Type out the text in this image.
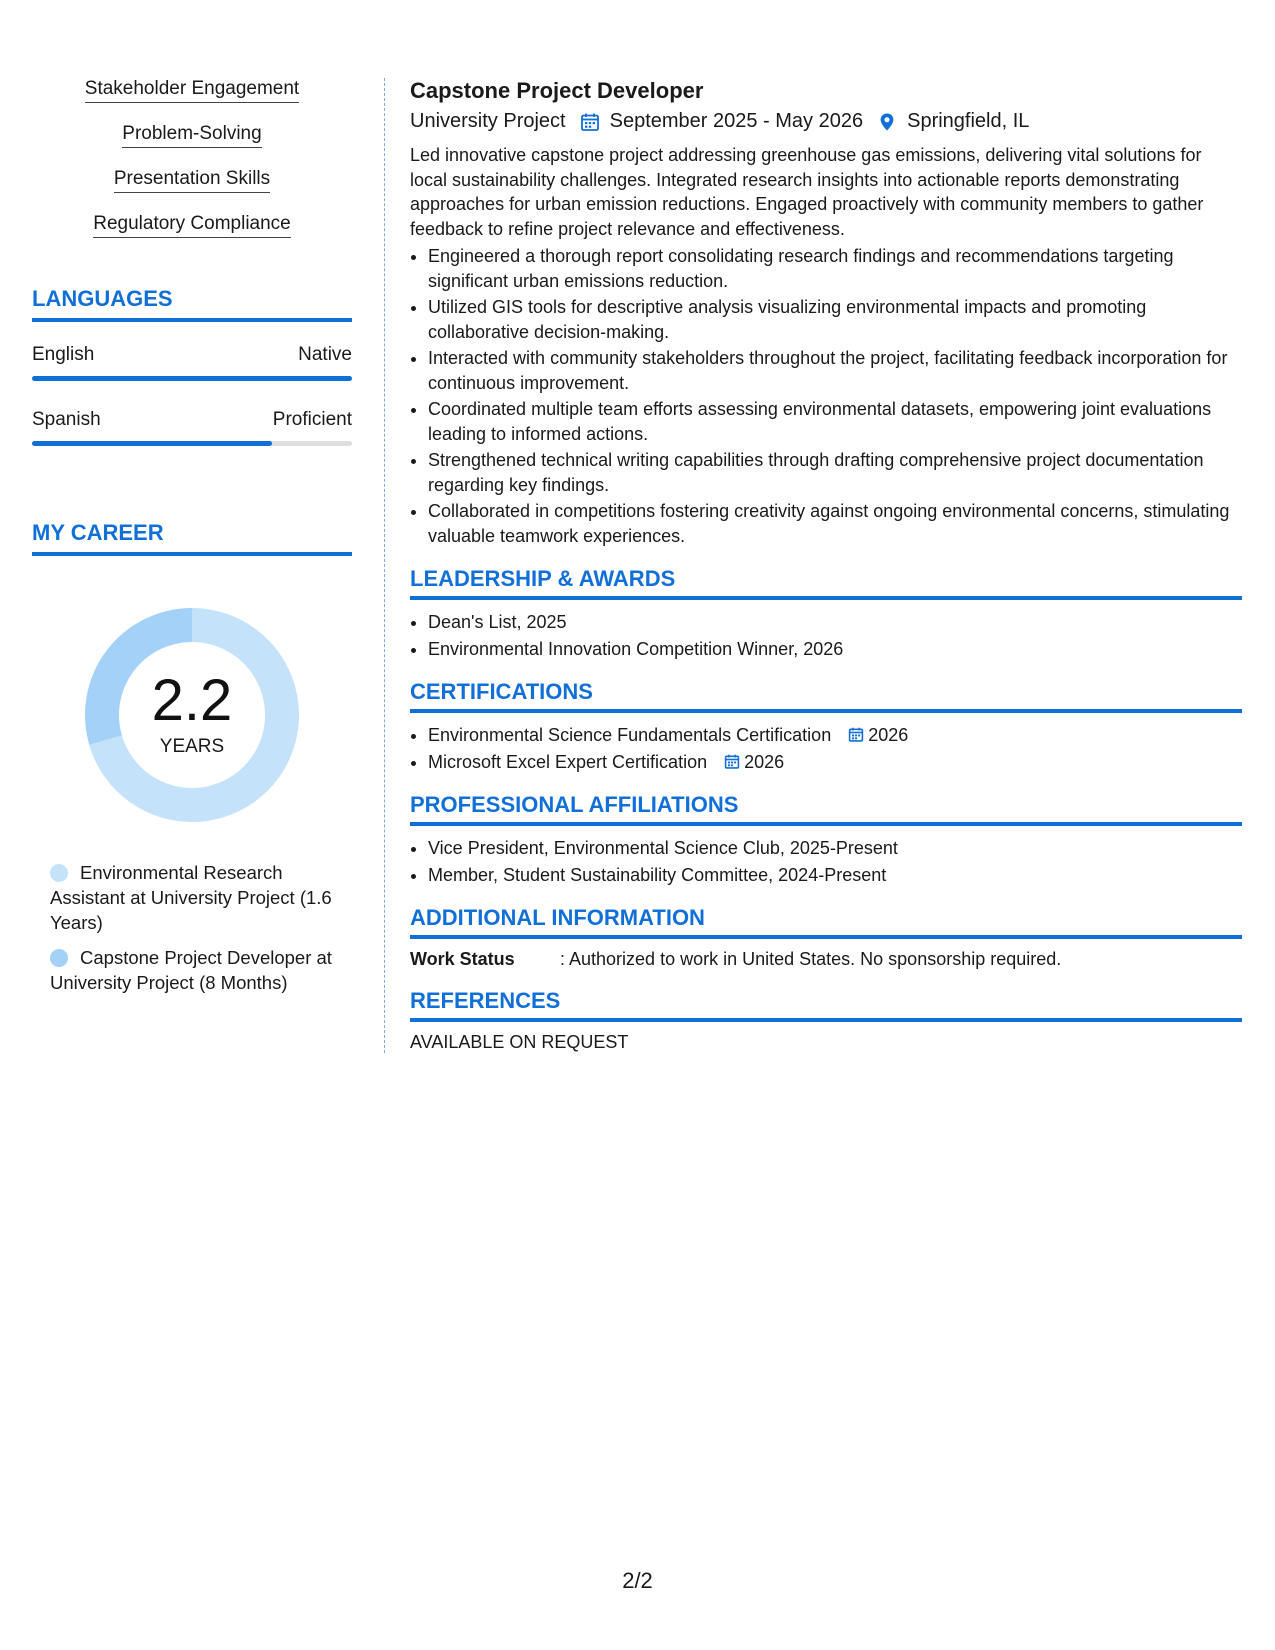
Stakeholder Engagement
Problem-Solving
Presentation Skills
Regulatory Compliance
LANGUAGES
English	Native
Spanish	Proficient
MY CAREER
2.2
YEARS
Environmental Research Assistant at University Project (1.6 Years)
Capstone Project Developer at University Project (8 Months)
Capstone Project Developer
University Project September 2025 - May 2026 Springfield, IL

Led innovative capstone project addressing greenhouse gas emissions, delivering vital solutions for local sustainability challenges. Integrated research insights into actionable reports demonstrating approaches for urban emission reductions. Engaged proactively with community members to gather feedback to refine project relevance and effectiveness.

• Engineered a thorough report consolidating research findings and recommendations targeting significant urban emissions reduction.
• Utilized GIS tools for descriptive analysis visualizing environmental impacts and promoting collaborative decision-making.
• Interacted with community stakeholders throughout the project, facilitating feedback incorporation for continuous improvement.
• Coordinated multiple team efforts assessing environmental datasets, empowering joint evaluations leading to informed actions.
• Strengthened technical writing capabilities through drafting comprehensive project documentation regarding key findings.
• Collaborated in competitions fostering creativity against ongoing environmental concerns, stimulating valuable teamwork experiences.
LEADERSHIP & AWARDS
• Dean's List, 2025
• Environmental Innovation Competition Winner, 2026
CERTIFICATIONS
• Environmental Science Fundamentals Certification 2026
• Microsoft Excel Expert Certification 2026
PROFESSIONAL AFFILIATIONS
• Vice President, Environmental Science Club, 2025-Present
• Member, Student Sustainability Committee, 2024-Present
ADDITIONAL INFORMATION
Work Status	: Authorized to work in United States. No sponsorship required.
REFERENCES

AVAILABLE ON REQUEST

2/2
